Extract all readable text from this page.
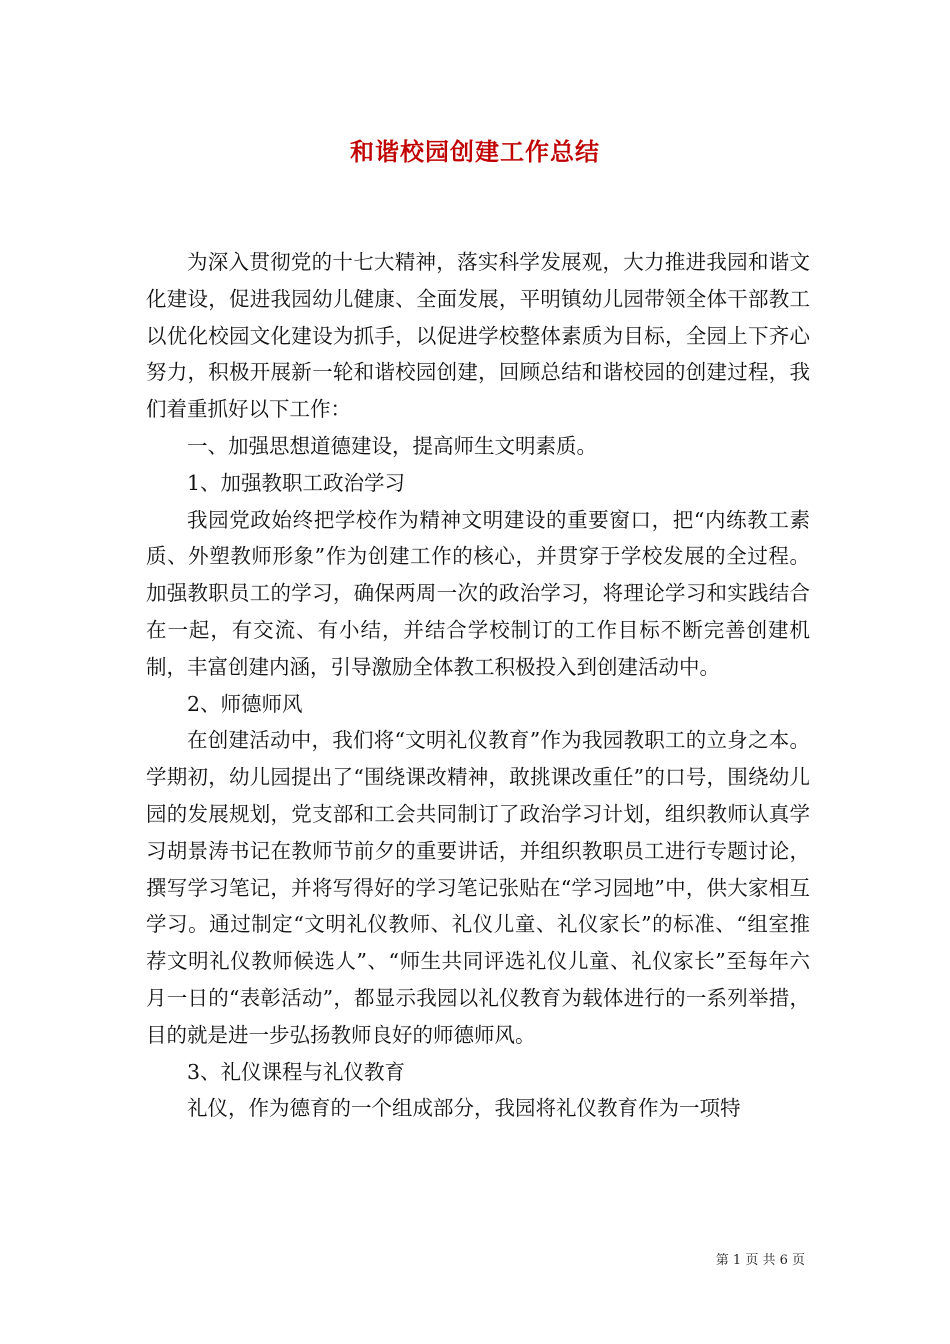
和谐校园创建工作总结

为深入贯彻党的十七大精神，落实科学发展观，大力推进我园和谐文化建设，促进我园幼儿健康、全面发展，平明镇幼儿园带领全体干部教工以优化校园文化建设为抓手，以促进学校整体素质为目标，全园上下齐心努力，积极开展新一轮和谐校园创建，回顾总结和谐校园的创建过程，我们着重抓好以下工作：

一、加强思想道德建设，提高师生文明素质。

1、加强教职工政治学习

我园党政始终把学校作为精神文明建设的重要窗口，把“内练教工素质、外塑教师形象”作为创建工作的核心，并贯穿于学校发展的全过程。加强教职员工的学习，确保两周一次的政治学习，将理论学习和实践结合在一起，有交流、有小结，并结合学校制订的工作目标不断完善创建机制，丰富创建内涵，引导激励全体教工积极投入到创建活动中。

2、师德师风

在创建活动中，我们将“文明礼仪教育”作为我园教职工的立身之本。学期初，幼儿园提出了“围绕课改精神，敢挑课改重任”的口号，围绕幼儿园的发展规划，党支部和工会共同制订了政治学习计划，组织教师认真学习胡景涛书记在教师节前夕的重要讲话，并组织教职员工进行专题讨论，撰写学习笔记，并将写得好的学习笔记张贴在“学习园地”中，供大家相互学习。通过制定“文明礼仪教师、礼仪儿童、礼仪家长”的标准、“组室推荐文明礼仪教师候选人”、“师生共同评选礼仪儿童、礼仪家长”至每年六月一日的“表彰活动”，都显示我园以礼仪教育为载体进行的一系列举措，目的就是进一步弘扬教师良好的师德师风。

3、礼仪课程与礼仪教育

礼仪，作为德育的一个组成部分，我园将礼仪教育作为一项特

第 1 页 共 6 页
